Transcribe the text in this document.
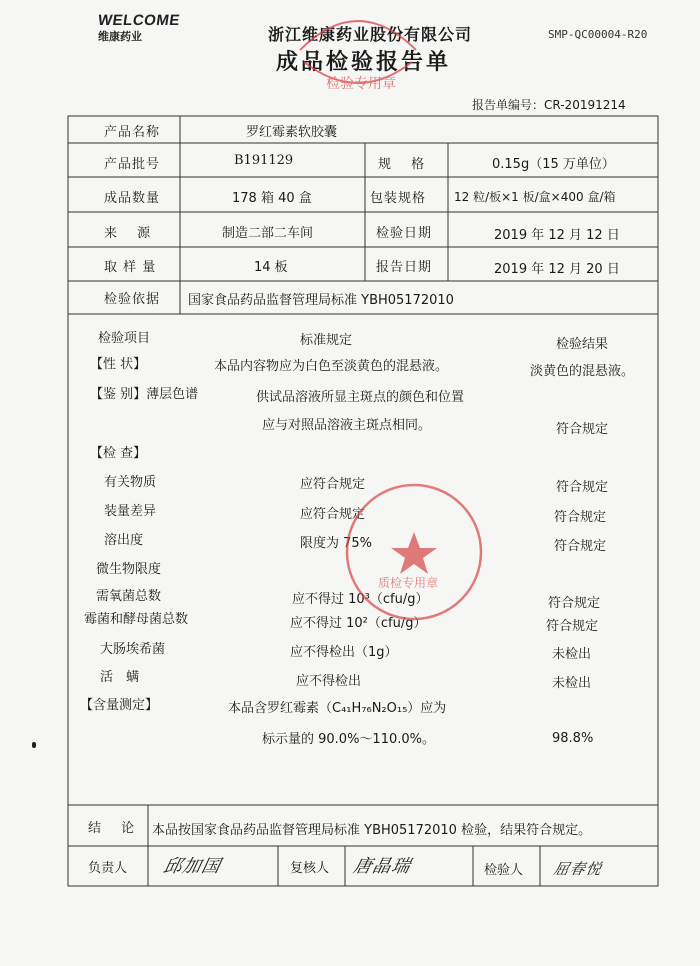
WELCOME
维康药业	浙江维康药业股份有限公司	SMP-QC00004-R20
成品检验报告单
报告单编号：CR-20191214
产品名称	罗红霉素软胶囊
产品批号	B191129	规　 格	0.15g（15 万单位）
成品数量	178 箱 40 盒	包装规格 12 粒/板×1 板/盒×400 盒/箱
来　 源	制造二部二车间	检验日期	2019 年 12 月 12 日
取 样 量	14 板	报告日期	2019 年 12 月 20 日
检验依据 国家食品药品监督管理局标准 YBH05172010
检验项目	标准规定	检验结果
【性 状】	本品内容物应为白色至淡黄色的混悬液。	淡黄色的混悬液。
【鉴 别】薄层色谱	供试品溶液所显主斑点的颜色和位置
应与对照品溶液主斑点相同。	符合规定
【检 查】
有关物质	应符合规定	符合规定
装量差异	应符合规定	符合规定
溶出度	限度为 75%	符合规定
微生物限度
需氧菌总数	应不得过 10³（cfu/g）	符合规定
霉菌和酵母菌总数	应不得过 10²（cfu/g）	符合规定
大肠埃希菌	应不得检出（1g）	未检出
活　螨	应不得检出	未检出
【含量测定】	本品含罗红霉素（C₄₁H₇₆N₂O₁₅）应为
标示量的 90.0%～110.0%。	98.8%
结　 论 本品按国家食品药品监督管理局标准 YBH05172010 检验，结果符合规定。
负责人 邱加国	复核人 唐晶瑞	检验人 屈春悦
检验专用章
质检专用章
